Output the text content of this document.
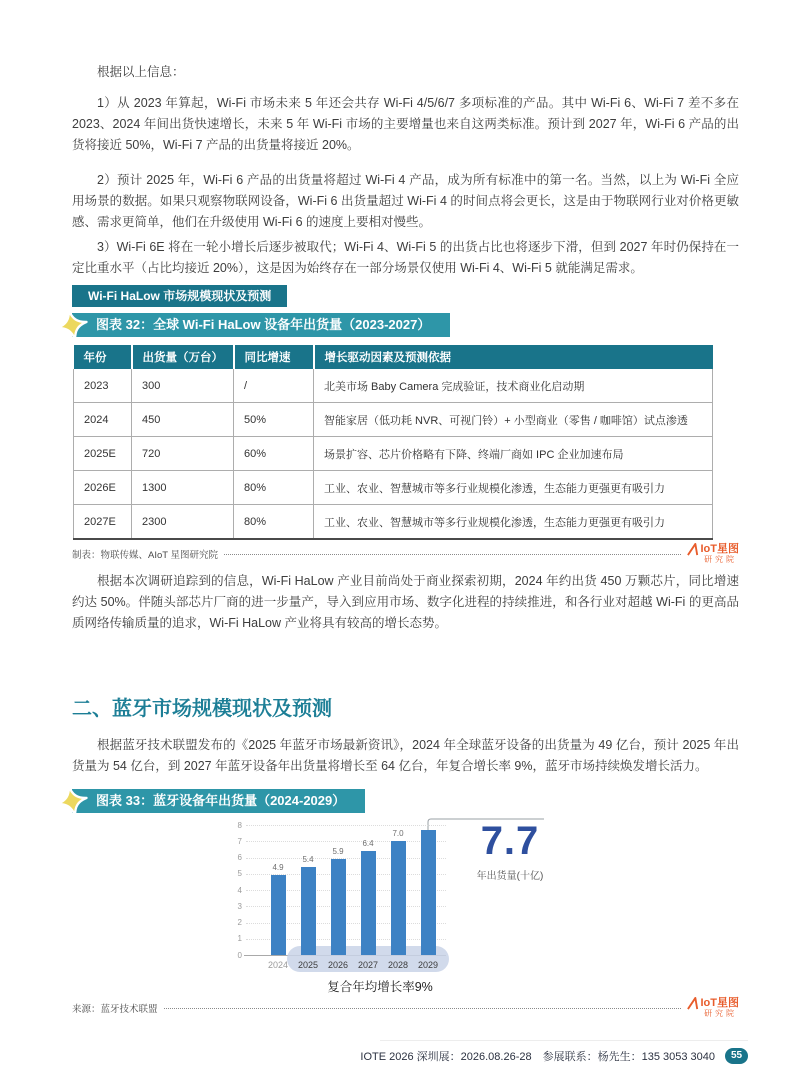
根据以上信息：

1）从 2023 年算起，Wi-Fi 市场未来 5 年还会共存 Wi-Fi 4/5/6/7 多项标准的产品。其中 Wi-Fi 6、Wi-Fi 7 差不多在 2023、2024 年间出货快速增长，未来 5 年 Wi-Fi 市场的主要增量也来自这两类标准。预计到 2027 年，Wi-Fi 6 产品的出货将接近 50%，Wi-Fi 7 产品的出货量将接近 20%。

2）预计 2025 年，Wi-Fi 6 产品的出货量将超过 Wi-Fi 4 产品，成为所有标准中的第一名。当然，以上为 Wi-Fi 全应用场景的数据。如果只观察物联网设备，Wi-Fi 6 出货量超过 Wi-Fi 4 的时间点将会更长，这是由于物联网行业对价格更敏感、需求更简单，他们在升级使用 Wi-Fi 6 的速度上要相对慢些。

3）Wi-Fi 6E 将在一轮小增长后逐步被取代；Wi-Fi 4、Wi-Fi 5 的出货占比也将逐步下滑，但到 2027 年时仍保持在一定比重水平（占比均接近 20%），这是因为始终存在一部分场景仅使用 Wi-Fi 4、Wi-Fi 5 就能满足需求。

Wi-Fi HaLow 市场规模现状及预测
图表 32：全球 Wi-Fi HaLow 设备年出货量（2023-2027）
年份	出货量（万台）	同比增速	增长驱动因素及预测依据
2023	300	/	北美市场 Baby Camera 完成验证，技术商业化启动期
2024	450	50%	智能家居（低功耗 NVR、可视门铃）+ 小型商业（零售 / 咖啡馆）试点渗透
2025E	720	60%	场景扩容、芯片价格略有下降、终端厂商如 IPC 企业加速布局
2026E	1300	80%	工业、农业、智慧城市等多行业规模化渗透，生态能力更强更有吸引力
2027E	2300	80%	工业、农业、智慧城市等多行业规模化渗透，生态能力更强更有吸引力
制表：物联传媒、AIoT 星图研究院	IoT星图
研究院

根据本次调研追踪到的信息，Wi-Fi HaLow 产业目前尚处于商业探索初期，2024 年约出货 450 万颗芯片，同比增速约达 50%。伴随头部芯片厂商的进一步量产，导入到应用市场、数字化进程的持续推进，和各行业对超越 Wi-Fi 的更高品质网络传输质量的追求，Wi-Fi HaLow 产业将具有较高的增长态势。

二、蓝牙市场规模现状及预测

根据蓝牙技术联盟发布的《2025 年蓝牙市场最新资讯》，2024 年全球蓝牙设备的出货量为 49 亿台，预计 2025 年出货量为 54 亿台，到 2027 年蓝牙设备年出货量将增长至 64 亿台，年复合增长率 9%，蓝牙市场持续焕发增长活力。

图表 33：蓝牙设备年出货量（2024-2029）
7.7
年出货量(十亿)
复合年均增长率9%
0
1
2
3
4
5
6
7
8
4.9
2024
5.4
2025
5.9
2026
6.4
2027
7.0
2028	2029
来源：蓝牙技术联盟	IoT星图
研究院
IOTE 2026 深圳展：2026.08.26-28　参展联系：杨先生：135 3053 3040	55
